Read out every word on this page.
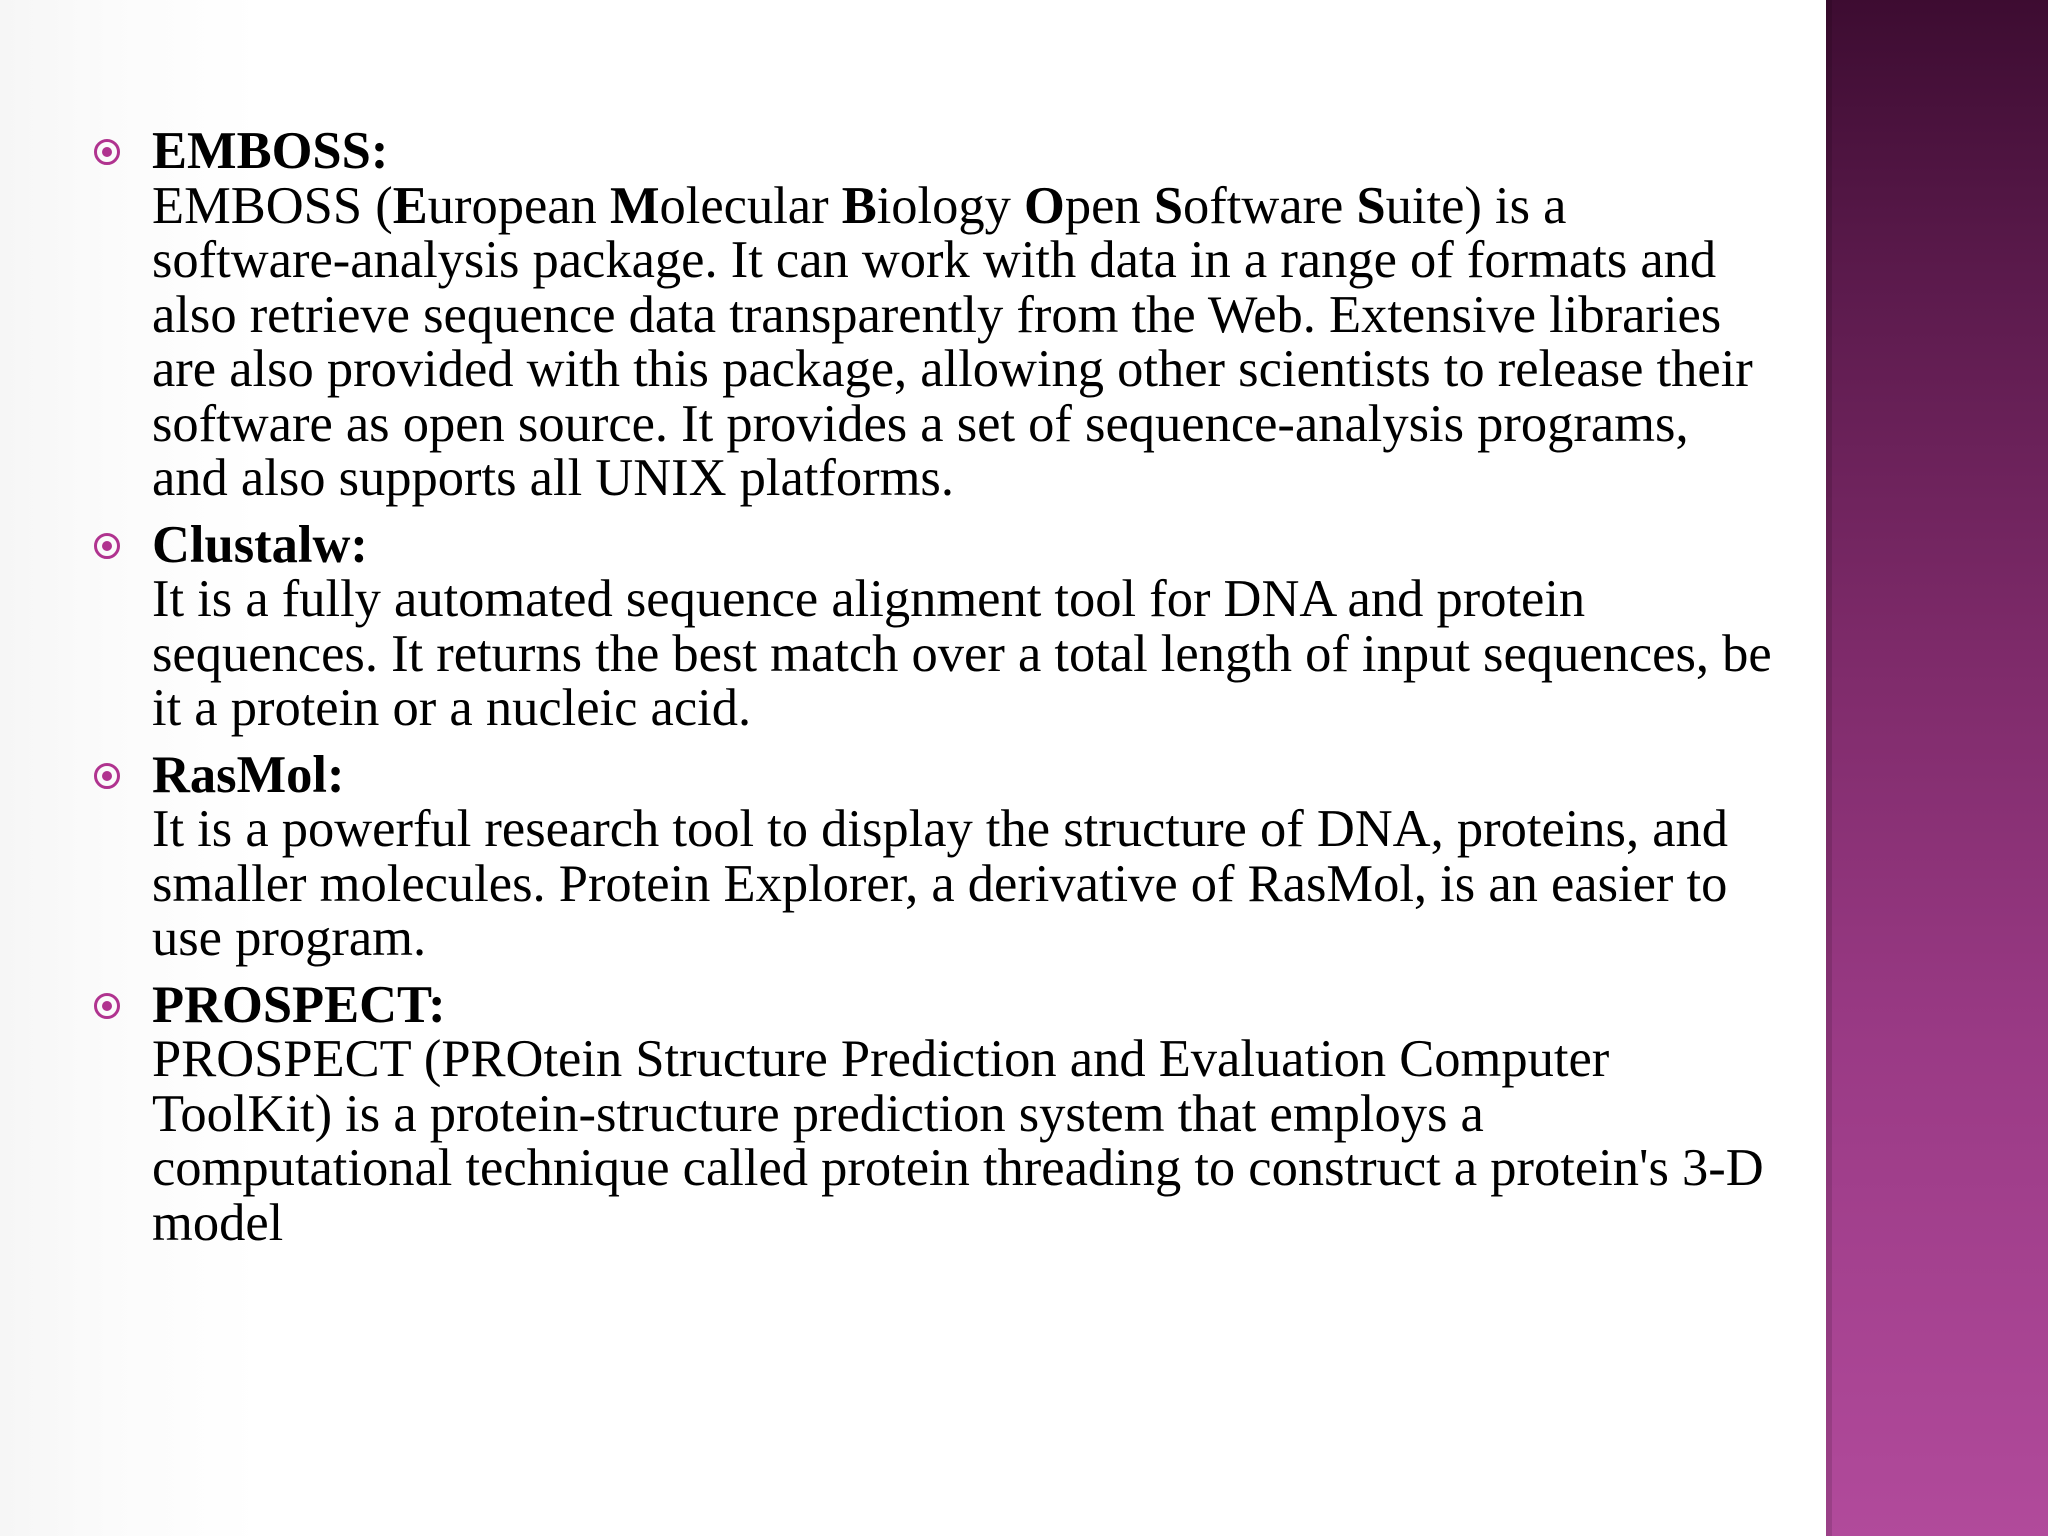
EMBOSS:
EMBOSS (European Molecular Biology Open Software Suite) is a software-analysis package. It can work with data in a range of formats and also retrieve sequence data transparently from the Web. Extensive libraries are also provided with this package, allowing other scientists to release their software as open source. It provides a set of sequence-analysis programs, and also supports all UNIX platforms.
Clustalw:
It is a fully automated sequence alignment tool for DNA and protein sequences. It returns the best match over a total length of input sequences, be it a protein or a nucleic acid.
RasMol:
It is a powerful research tool to display the structure of DNA, proteins, and smaller molecules. Protein Explorer, a derivative of RasMol, is an easier to use program.
PROSPECT:
PROSPECT (PROtein Structure Prediction and Evaluation Computer ToolKit) is a protein-structure prediction system that employs a computational technique called protein threading to construct a protein's 3-D model
